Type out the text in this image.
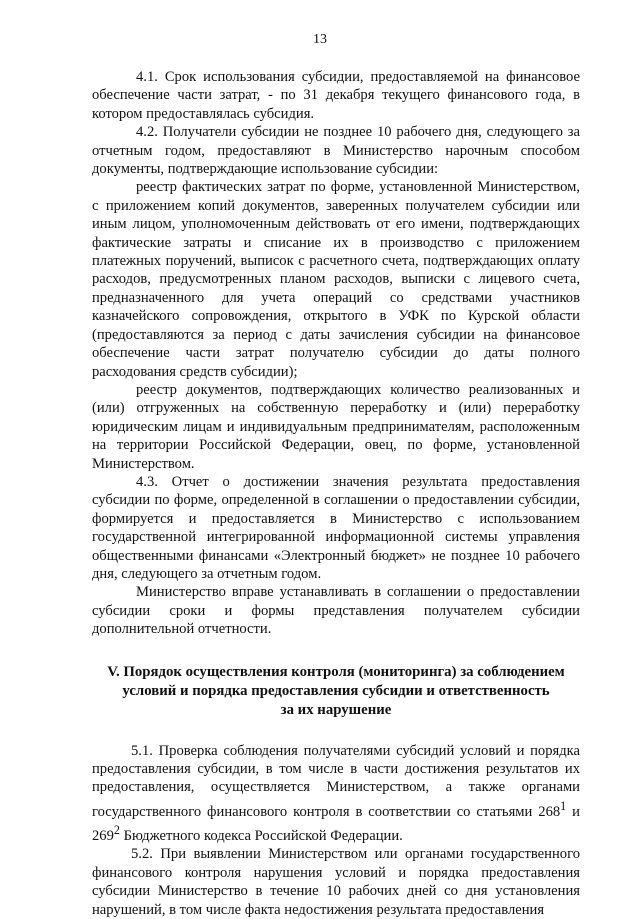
13

4.1. Срок использования субсидии, предоставляемой на финансовое обеспечение части затрат, - по 31 декабря текущего финансового года, в котором предоставлялась субсидия.

4.2. Получатели субсидии не позднее 10 рабочего дня, следующего за отчетным годом, предоставляют в Министерство нарочным способом документы, подтверждающие использование субсидии:

реестр фактических затрат по форме, установленной Министерством, с приложением копий документов, заверенных получателем субсидии или иным лицом, уполномоченным действовать от его имени, подтверждающих фактические затраты и списание их в производство с приложением платежных поручений, выписок с расчетного счета, подтверждающих оплату расходов, предусмотренных планом расходов, выписки с лицевого счета, предназначенного для учета операций со средствами участников казначейского сопровождения, открытого в УФК по Курской области (предоставляются за период с даты зачисления субсидии на финансовое обеспечение части затрат получателю субсидии до даты полного расходования средств субсидии);

реестр документов, подтверждающих количество реализованных и (или) отгруженных на собственную переработку и (или) переработку юридическим лицам и индивидуальным предпринимателям, расположенным на территории Российской Федерации, овец, по форме, установленной Министерством.

4.3. Отчет о достижении значения результата предоставления субсидии по форме, определенной в соглашении о предоставлении субсидии, формируется и предоставляется в Министерство с использованием государственной интегрированной информационной системы управления общественными финансами «Электронный бюджет» не позднее 10 рабочего дня, следующего за отчетным годом.

Министерство вправе устанавливать в соглашении о предоставлении субсидии сроки и формы представления получателем субсидии дополнительной отчетности.

V. Порядок осуществления контроля (мониторинга) за соблюдением
условий и порядка предоставления субсидии и ответственность
за их нарушение

5.1. Проверка соблюдения получателями субсидий условий и порядка предоставления субсидии, в том числе в части достижения результатов их предоставления, осуществляется Министерством, а также органами государственного финансового контроля в соответствии со статьями $268^1$ и $269^2$ Бюджетного кодекса Российской Федерации.

5.2. При выявлении Министерством или органами государственного финансового контроля нарушения условий и порядка предоставления субсидии Министерство в течение 10 рабочих дней со дня установления нарушений, в том числе факта недостижения результата предоставления
